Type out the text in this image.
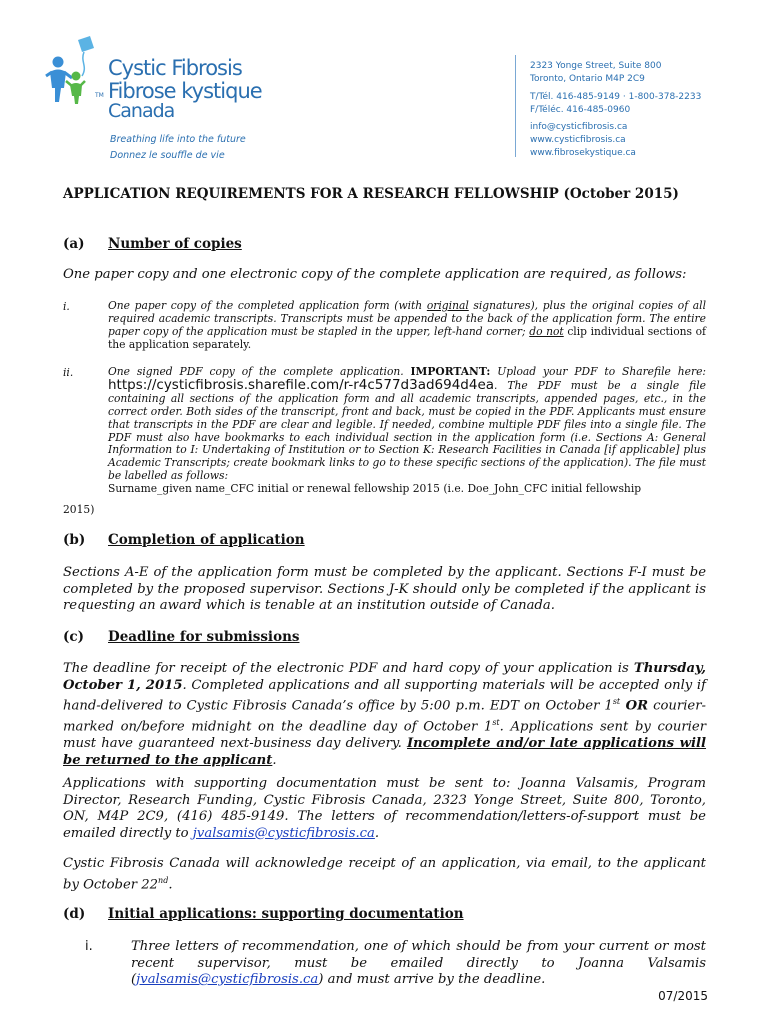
Cystic Fibrosis
Fibrose kystique
Canada
TM
Breathing life into the future
Donnez le souffle de vie
2323 Yonge Street, Suite 800
Toronto, Ontario M4P 2C9
T/Tél. 416-485-9149 · 1-800-378-2233
F/Téléc. 416-485-0960
info@cysticfibrosis.ca
www.cysticfibrosis.ca
www.fibrosekystique.ca
APPLICATION REQUIREMENTS FOR A RESEARCH FELLOWSHIP (October 2015)
(a) Number of copies
One paper copy and one electronic copy of the complete application are required, as follows:
i.	One paper copy of the completed application form (with original signatures), plus the original copies of all required academic transcripts. Transcripts must be appended to the back of the application form. The entire paper copy of the application must be stapled in the upper, left-hand corner; do not clip individual sections of the application separately.
ii.	One signed PDF copy of the complete application. IMPORTANT: Upload your PDF to Sharefile here: https://cysticfibrosis.sharefile.com/r-r4c577d3ad694d4ea. The PDF must be a single file containing all sections of the application form and all academic transcripts, appended pages, etc., in the correct order. Both sides of the transcript, front and back, must be copied in the PDF. Applicants must ensure that transcripts in the PDF are clear and legible. If needed, combine multiple PDF files into a single file. The PDF must also have bookmarks to each individual section in the application form (i.e. Sections A: General Information to I: Undertaking of Institution or to Section K: Research Facilities in Canada [if applicable] plus Academic Transcripts; create bookmark links to go to these specific sections of the application). The file must be labelled as follows:
Surname_given name_CFC initial or renewal fellowship 2015 (i.e. Doe_John_CFC initial fellowship
2015)
(b) Completion of application
Sections A-E of the application form must be completed by the applicant. Sections F-I must be completed by the proposed supervisor. Sections J-K should only be completed if the applicant is requesting an award which is tenable at an institution outside of Canada.
(c) Deadline for submissions
The deadline for receipt of the electronic PDF and hard copy of your application is Thursday, October 1, 2015. Completed applications and all supporting materials will be accepted only if hand-delivered to Cystic Fibrosis Canada’s office by 5:00 p.m. EDT on October 1st OR courier-marked on/before midnight on the deadline day of October 1st. Applications sent by courier must have guaranteed next-business day delivery. Incomplete and/or late applications will be returned to the applicant.
Applications with supporting documentation must be sent to: Joanna Valsamis, Program Director, Research Funding, Cystic Fibrosis Canada, 2323 Yonge Street, Suite 800, Toronto, ON, M4P 2C9, (416) 485-9149. The letters of recommendation/letters-of-support must be emailed directly to jvalsamis@cysticfibrosis.ca.
Cystic Fibrosis Canada will acknowledge receipt of an application, via email, to the applicant by October 22nd.
(d) Initial applications: supporting documentation
i.	Three letters of recommendation, one of which should be from your current or most recent supervisor, must be emailed directly to Joanna Valsamis (jvalsamis@cysticfibrosis.ca) and must arrive by the deadline.
07/2015
